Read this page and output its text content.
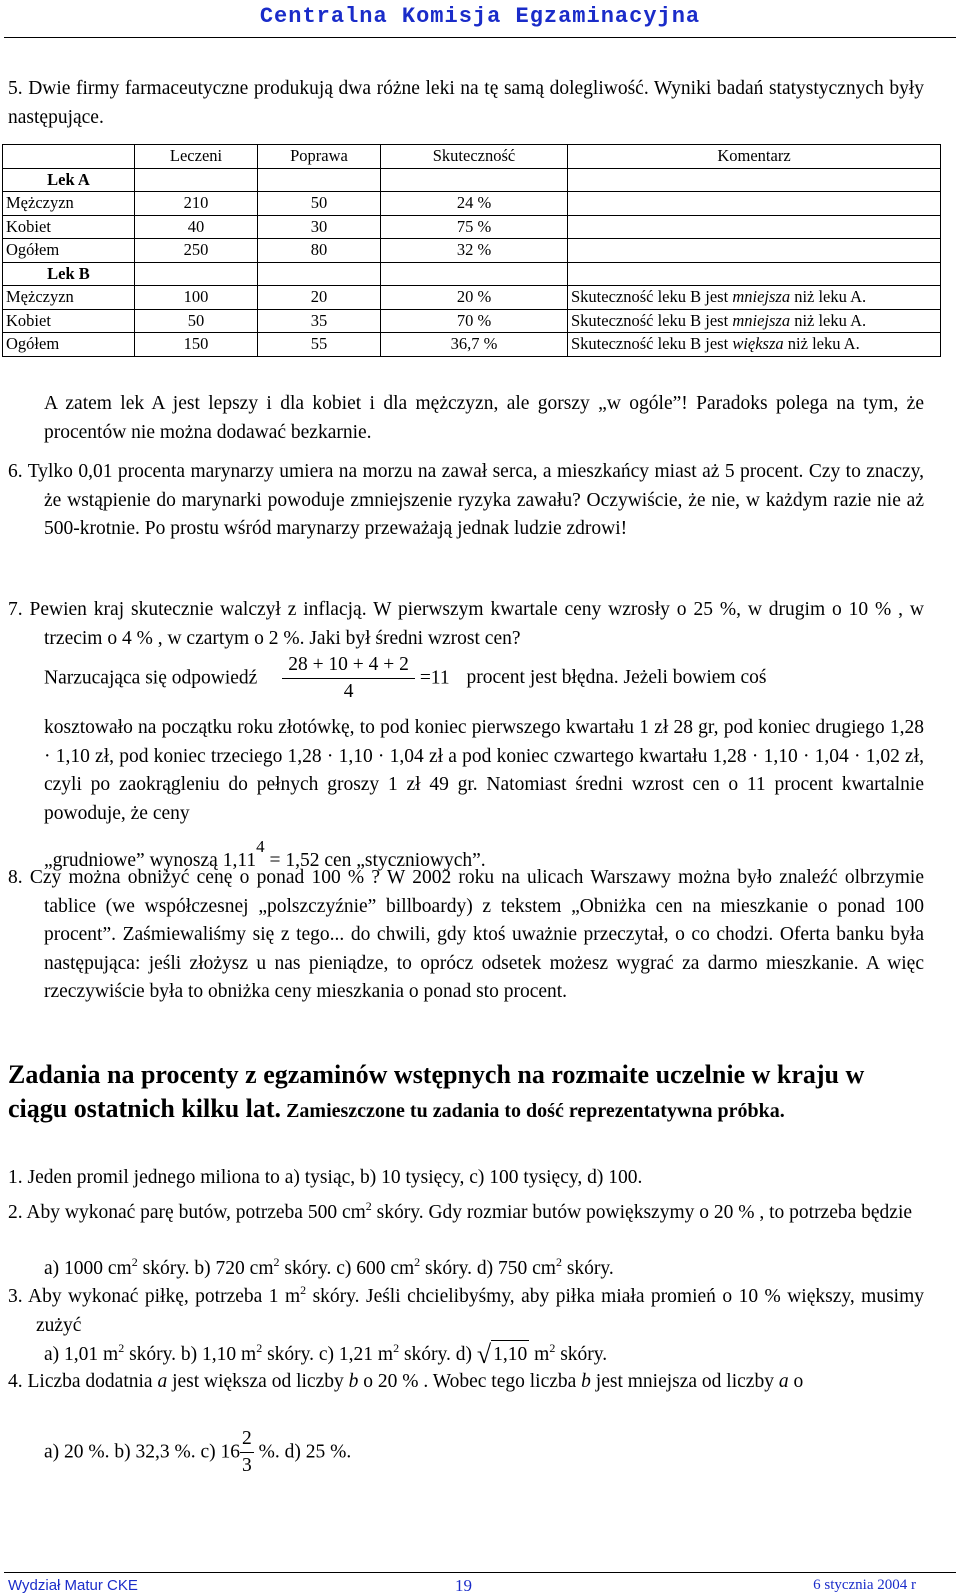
Centralna Komisja Egzaminacyjna
5. Dwie firmy farmaceutyczne produkują dwa różne leki na tę samą dolegliwość. Wyniki badań statystycznych były następujące.
	Leczeni	Poprawa	Skuteczność	Komentarz
Lek A				
Mężczyzn	210	50	24 %	
Kobiet	40	30	75 %	
Ogółem	250	80	32 %	
Lek B				
Mężczyzn	100	20	20 %	Skuteczność leku B jest mniejsza niż leku A.
Kobiet	50	35	70 %	Skuteczność leku B jest mniejsza niż leku A.
Ogółem	150	55	36,7 %	Skuteczność leku B jest większa niż leku A.
A zatem lek A jest lepszy i dla kobiet i dla mężczyzn, ale gorszy „w ogóle”! Paradoks polega na tym, że procentów nie można dodawać bezkarnie.
6. Tylko 0,01 procenta marynarzy umiera na morzu na zawał serca, a mieszkańcy miast aż 5 procent. Czy to znaczy, że wstąpienie do marynarki powoduje zmniejszenie ryzyka zawału? Oczywiście, że nie, w każdym razie nie aż 500-krotnie. Po prostu wśród marynarzy przeważają jednak ludzie zdrowi!
7. Pewien kraj skutecznie walczył z inflacją. W pierwszym kwartale ceny wzrosły o 25 %, w drugim o 10 % , w trzecim o 4 % , w czartym o 2 %. Jaki był średni wzrost cen?
Narzucająca się odpowiedź $\frac{28 + 10 + 4 + 2}{4} =11$ procent jest błędna. Jeżeli bowiem coś
kosztowało na początku roku złotówkę, to pod koniec pierwszego kwartału 1 zł 28 gr, pod koniec drugiego 1,28 · 1,10 zł, pod koniec trzeciego 1,28 · 1,10 · 1,04 zł a pod koniec czwartego kwartału 1,28 · 1,10 · 1,04 · 1,02 zł, czyli po zaokrągleniu do pełnych groszy 1 zł 49 gr. Natomiast średni wzrost cen o 11 procent kwartalnie powoduje, że ceny
„grudniowe” wynoszą $1,11^4 = 1,52$ cen „styczniowych”.
8. Czy można obniżyć cenę o ponad 100 % ? W 2002 roku na ulicach Warszawy można było znaleźć olbrzymie tablice (we współczesnej „polszczyźnie” billboardy) z tekstem „Obniżka cen na mieszkanie o ponad 100 procent”. Zaśmiewaliśmy się z tego... do chwili, gdy ktoś uważnie przeczytał, o co chodzi. Oferta banku była następująca: jeśli złożysz u nas pieniądze, to oprócz odsetek możesz wygrać za darmo mieszkanie. A więc rzeczywiście była to obniżka ceny mieszkania o ponad sto procent.
Zadania na procenty z egzaminów wstępnych na rozmaite uczelnie w kraju w ciągu ostatnich kilku lat. Zamieszczone tu zadania to dość reprezentatywna próbka.
1. Jeden promil jednego miliona to a) tysiąc, b) 10 tysięcy, c) 100 tysięcy, d) 100.
2. Aby wykonać parę butów, potrzeba 500 $cm^2$ skóry. Gdy rozmiar butów powiększymy o 20 % , to potrzeba będzie
a) 1000 $cm^2$ skóry. b) 720 $cm^2$ skóry. c) 600 $cm^2$ skóry. d) 750 $cm^2$ skóry.
3. Aby wykonać piłkę, potrzeba 1 $m^2$ skóry. Jeśli chcielibyśmy, aby piłka miała promień o 10 % większy, musimy zużyć
a) 1,01 $m^2$ skóry. b) 1,10 $m^2$ skóry. c) 1,21 $m^2$ skóry. d) √ 1,10 $m^2$ skóry.
4. Liczba dodatnia a jest większa od liczby b o 20 % . Wobec tego liczba b jest mniejsza od liczby a o
a) 20 %. b) 32,3 %. c) $16 \frac{2}{3}$ %. d) 25 %.
Wydział Matur CKE	19	6 stycznia 2004 r
